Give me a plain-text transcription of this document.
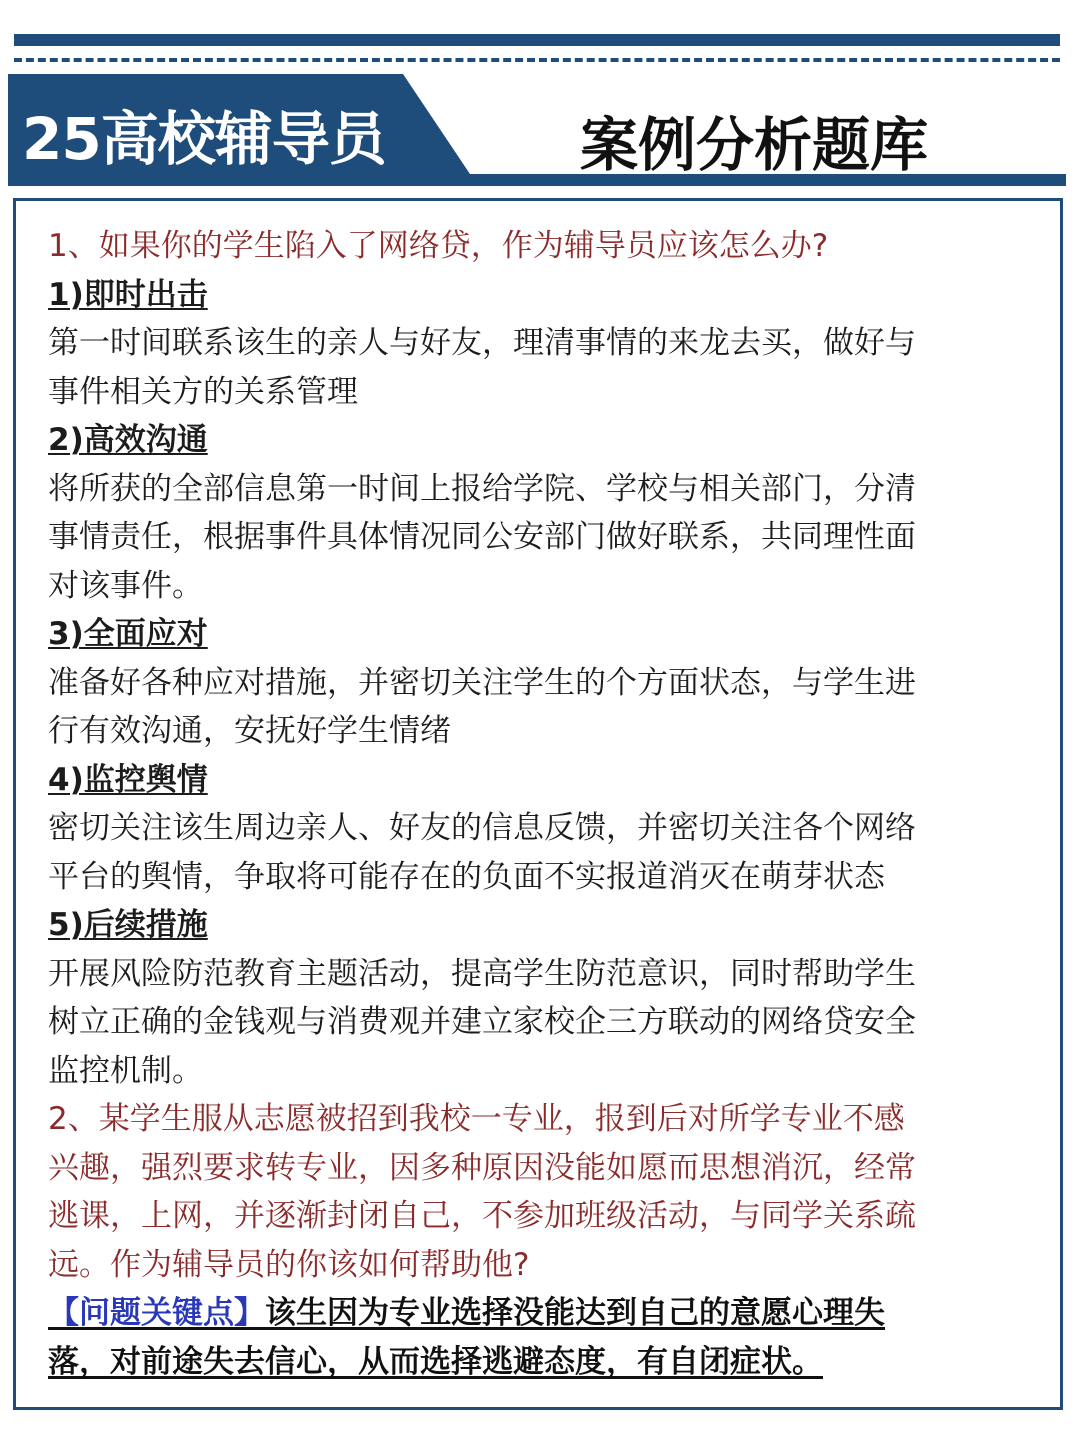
25高校辅导员	案例分析题库
1、如果你的学生陷入了网络贷，作为辅导员应该怎么办?
1)即时出击
第一时间联系该生的亲人与好友，理清事情的来龙去买，做好与
事件相关方的关系管理
2)高效沟通
将所获的全部信息第一时间上报给学院、学校与相关部门，分清
事情责任，根据事件具体情况同公安部门做好联系，共同理性面
对该事件。
3)全面应对
准备好各种应对措施，并密切关注学生的个方面状态，与学生进
行有效沟通，安抚好学生情绪
4)监控舆情
密切关注该生周边亲人、好友的信息反馈，并密切关注各个网络
平台的舆情，争取将可能存在的负面不实报道消灭在萌芽状态
5)后续措施
开展风险防范教育主题活动，提高学生防范意识，同时帮助学生
树立正确的金钱观与消费观并建立家校企三方联动的网络贷安全
监控机制。
2、某学生服从志愿被招到我校一专业，报到后对所学专业不感
兴趣，强烈要求转专业，因多种原因没能如愿而思想消沉，经常
逃课，上网，并逐渐封闭自己，不参加班级活动，与同学关系疏
远。作为辅导员的你该如何帮助他?
【问题关键点】该生因为专业选择没能达到自己的意愿心理失
落，对前途失去信心，从而选择逃避态度，有自闭症状。
